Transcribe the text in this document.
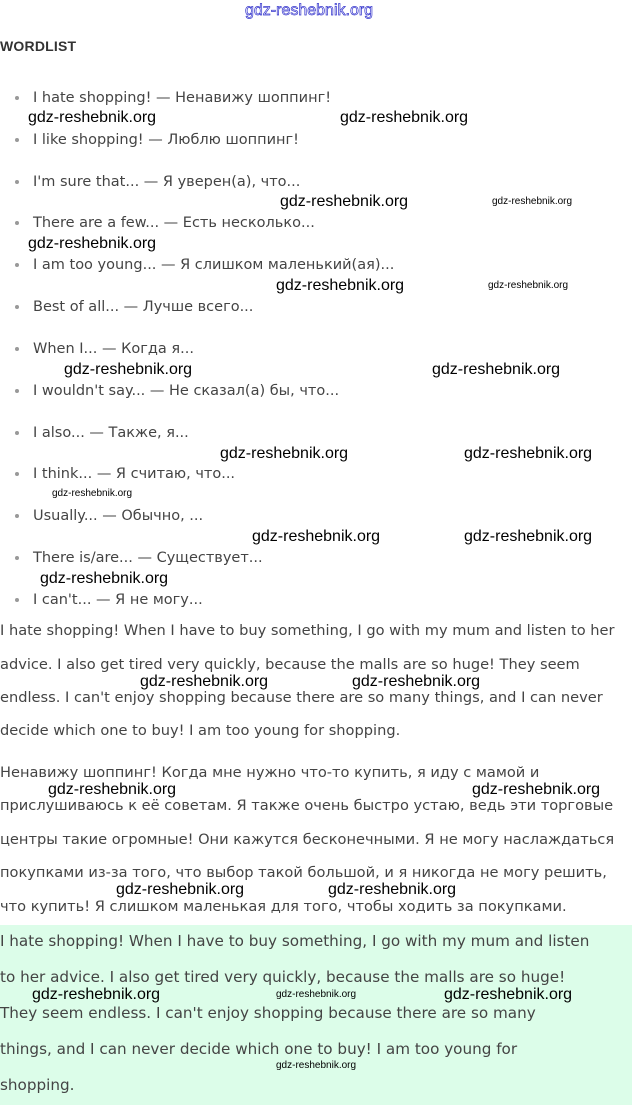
WORDLIST
I hate shopping! — Ненавижу шоппинг!
I like shopping! — Люблю шоппинг!
I'm sure that... — Я уверен(а), что...
There are a few... — Есть несколько...
I am too young... — Я слишком маленький(ая)...
Best of all... — Лучше всего...
When I... — Когда я...
I wouldn't say... — Не сказал(а) бы, что...
I also... — Также, я...
I think... — Я считаю, что...
Usually... — Обычно, ...
There is/are... — Существует...
I can't... — Я не могу...
I hate shopping! When I have to buy something, I go with my mum and listen to her
advice. I also get tired very quickly, because the malls are so huge! They seem
endless. I can't enjoy shopping because there are so many things, and I can never
decide which one to buy! I am too young for shopping.
Ненавижу шоппинг! Когда мне нужно что-то купить, я иду с мамой и
прислушиваюсь к её советам. Я также очень быстро устаю, ведь эти торговые
центры такие огромные! Они кажутся бесконечными. Я не могу наслаждаться
покупками из-за того, что выбор такой большой, и я никогда не могу решить,
что купить! Я слишком маленькая для того, чтобы ходить за покупками.
I hate shopping! When I have to buy something, I go with my mum and listen
to her advice. I also get tired very quickly, because the malls are so huge!
They seem endless. I can't enjoy shopping because there are so many
things, and I can never decide which one to buy! I am too young for
shopping.
gdz-reshebnik.org
gdz-reshebnik.org
gdz-reshebnik.org
gdz-reshebnik.org	gdz-reshebnik.org
gdz-reshebnik.org
gdz-reshebnik.org	gdz-reshebnik.org
gdz-reshebnik.org	gdz-reshebnik.org
gdz-reshebnik.org	gdz-reshebnik.org
gdz-reshebnik.org
gdz-reshebnik.org	gdz-reshebnik.org
gdz-reshebnik.org
gdz-reshebnik.org	gdz-reshebnik.org
gdz-reshebnik.org	gdz-reshebnik.org
gdz-reshebnik.org	gdz-reshebnik.org
gdz-reshebnik.org	gdz-reshebnik.org	gdz-reshebnik.org
gdz-reshebnik.org
